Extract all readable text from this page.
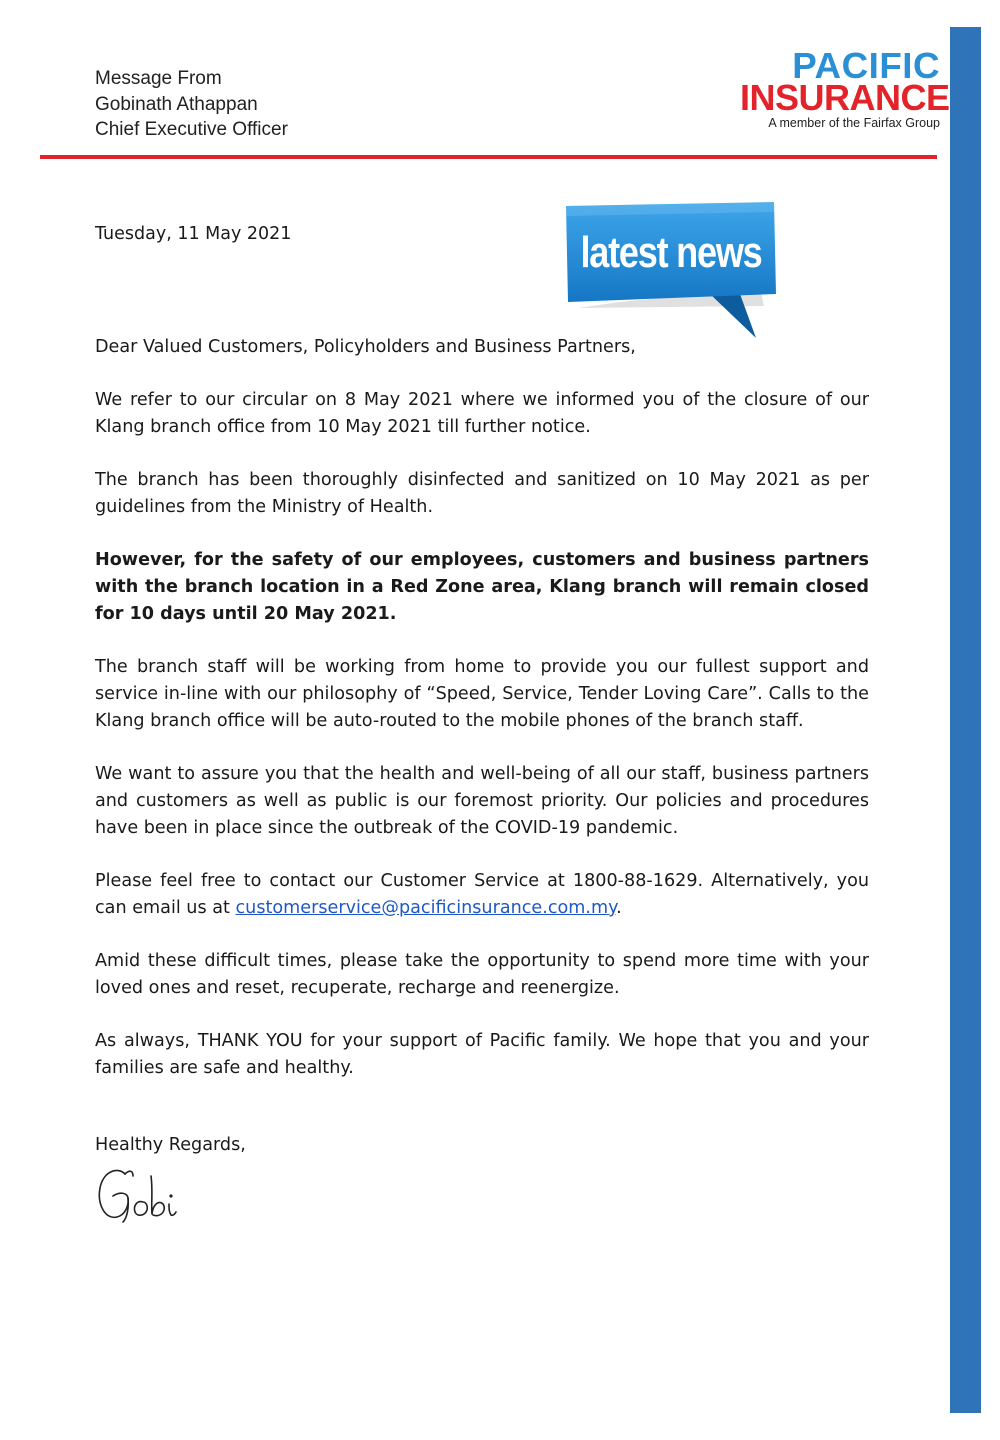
Message From
Gobinath Athappan
Chief Executive Officer
PACIFIC
INSURANCE
A member of the Fairfax Group
Tuesday, 11 May 2021	latest news

Dear Valued Customers, Policyholders and Business Partners,

We refer to our circular on 8 May 2021 where we informed you of the closure of our Klang branch office from 10 May 2021 till further notice.

The branch has been thoroughly disinfected and sanitized on 10 May 2021 as per guidelines from the Ministry of Health.

However, for the safety of our employees, customers and business partners with the branch location in a Red Zone area, Klang branch will remain closed for 10 days until 20 May 2021.

The branch staff will be working from home to provide you our fullest support and service in-line with our philosophy of “Speed, Service, Tender Loving Care”. Calls to the Klang branch office will be auto-routed to the mobile phones of the branch staff.

We want to assure you that the health and well-being of all our staff, business partners and customers as well as public is our foremost priority. Our policies and procedures have been in place since the outbreak of the COVID-19 pandemic.

Please feel free to contact our Customer Service at 1800-88-1629. Alternatively, you can email us at customerservice@pacificinsurance.com.my.

Amid these difficult times, please take the opportunity to spend more time with your loved ones and reset, recuperate, recharge and reenergize.

As always, THANK YOU for your support of Pacific family. We hope that you and your families are safe and healthy.

Healthy Regards,
